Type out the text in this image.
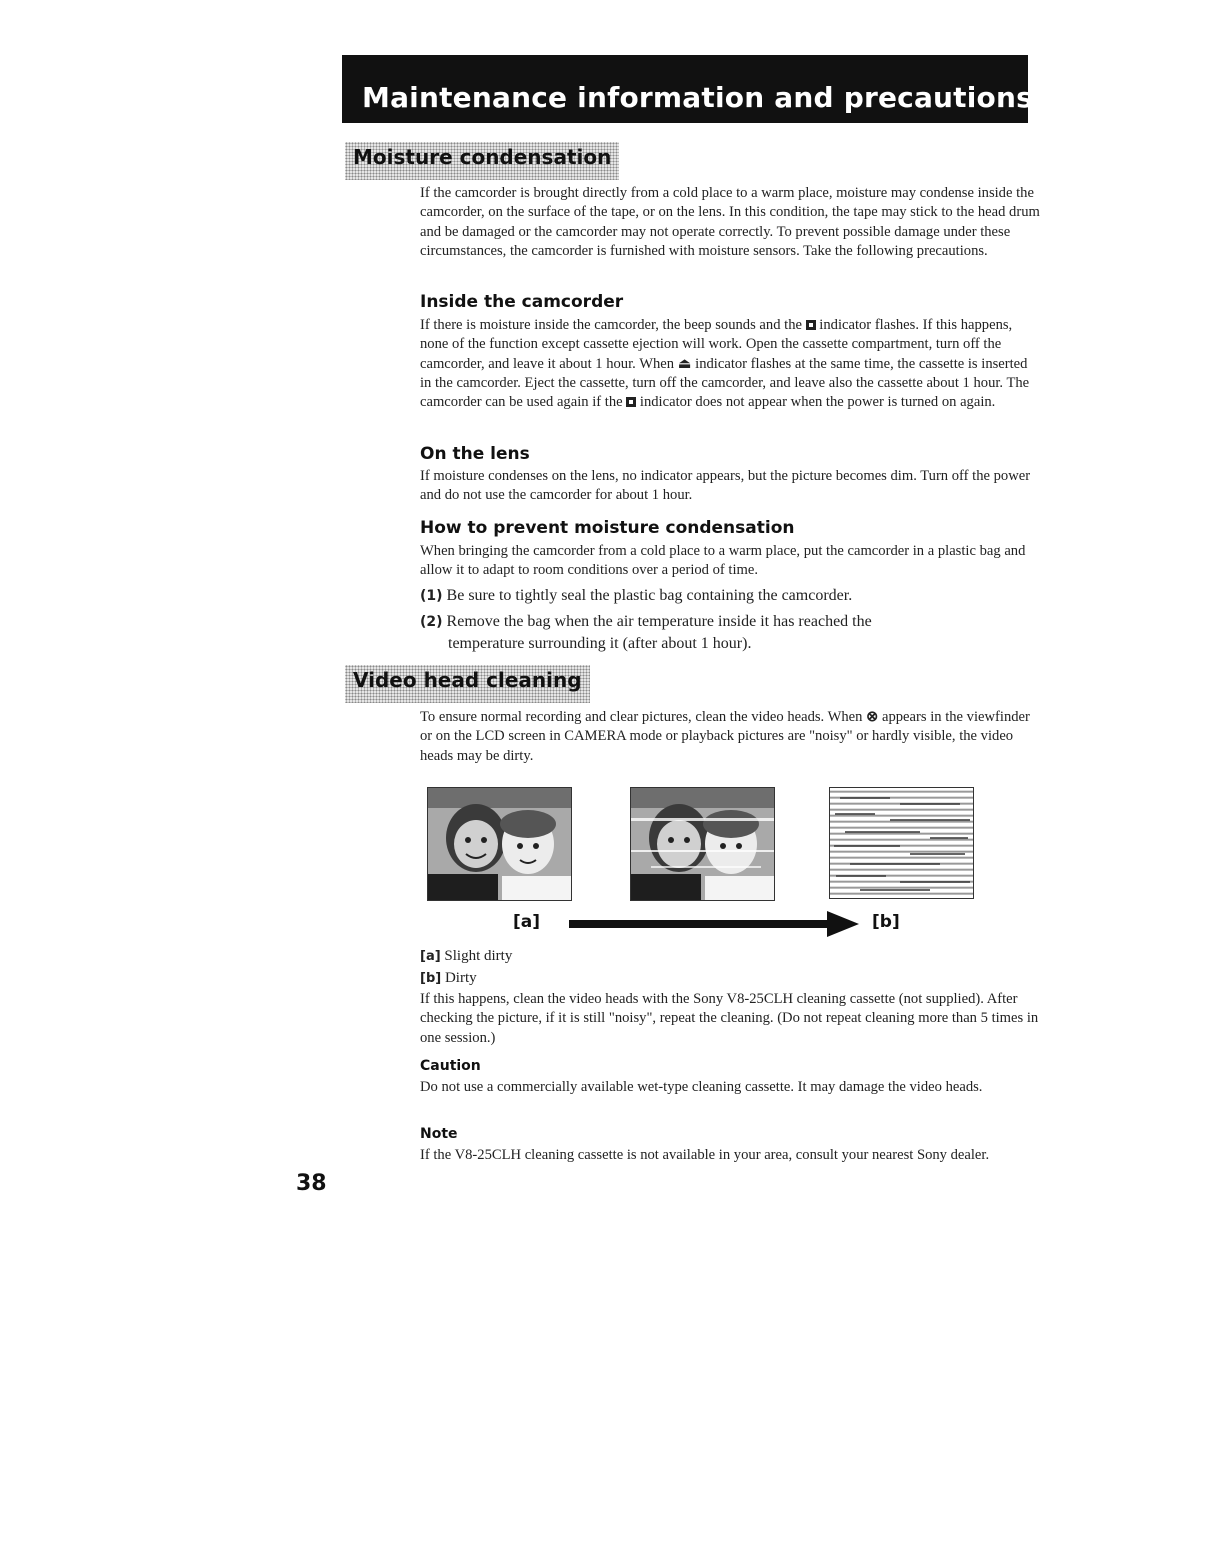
Maintenance information and precautions
Moisture condensation
If the camcorder is brought directly from a cold place to a warm place, moisture may condense inside the camcorder, on the surface of the tape, or on the lens. In this condition, the tape may stick to the head drum and be damaged or the camcorder may not operate correctly. To prevent possible damage under these circumstances, the camcorder is furnished with moisture sensors. Take the following precautions.
Inside the camcorder
If there is moisture inside the camcorder, the beep sounds and the indicator flashes. If this happens, none of the function except cassette ejection will work. Open the cassette compartment, turn off the camcorder, and leave it about 1 hour. When ⏏ indicator flashes at the same time, the cassette is inserted in the camcorder. Eject the cassette, turn off the camcorder, and leave also the cassette about 1 hour. The camcorder can be used again if the indicator does not appear when the power is turned on again.
On the lens
If moisture condenses on the lens, no indicator appears, but the picture becomes dim. Turn off the power and do not use the camcorder for about 1 hour.
How to prevent moisture condensation
When bringing the camcorder from a cold place to a warm place, put the camcorder in a plastic bag and allow it to adapt to room conditions over a period of time.
(1) Be sure to tightly seal the plastic bag containing the camcorder.
(2) Remove the bag when the air temperature inside it has reached the
temperature surrounding it (after about 1 hour).
Video head cleaning
To ensure normal recording and clear pictures, clean the video heads. When ⊗ appears in the viewfinder or on the LCD screen in CAMERA mode or playback pictures are "noisy" or hardly visible, the video heads may be dirty.
[a]	[b]
[a] Slight dirty
[b] Dirty
If this happens, clean the video heads with the Sony V8-25CLH cleaning cassette (not supplied). After checking the picture, if it is still "noisy", repeat the cleaning. (Do not repeat cleaning more than 5 times in one session.)
Caution
Do not use a commercially available wet-type cleaning cassette. It may damage the video heads.
Note
If the V8-25CLH cleaning cassette is not available in your area, consult your nearest Sony dealer.
38
